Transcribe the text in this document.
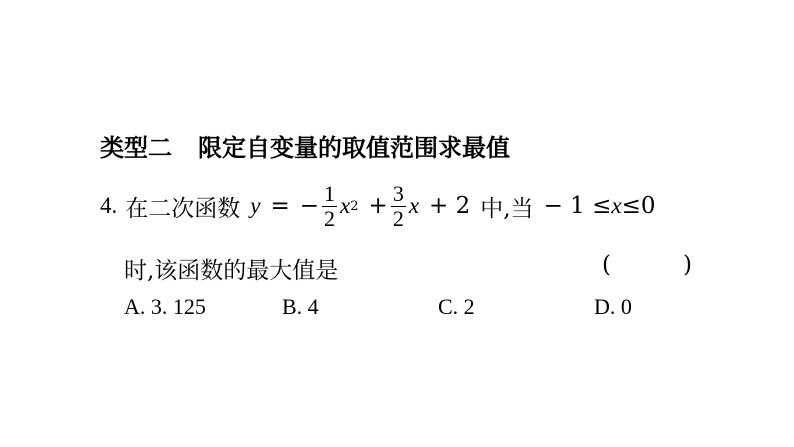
类型二 限定自变量的取值范围求最值
4. 在二次函数 y = − $\frac{1}{2}$ x $2 + \frac{3}{2}$ x + 2 中,当 − 1 ≤ x ≤0
时,该函数的最大值是	(	)
A. 3. 125	B. 4	C. 2	D. 0
